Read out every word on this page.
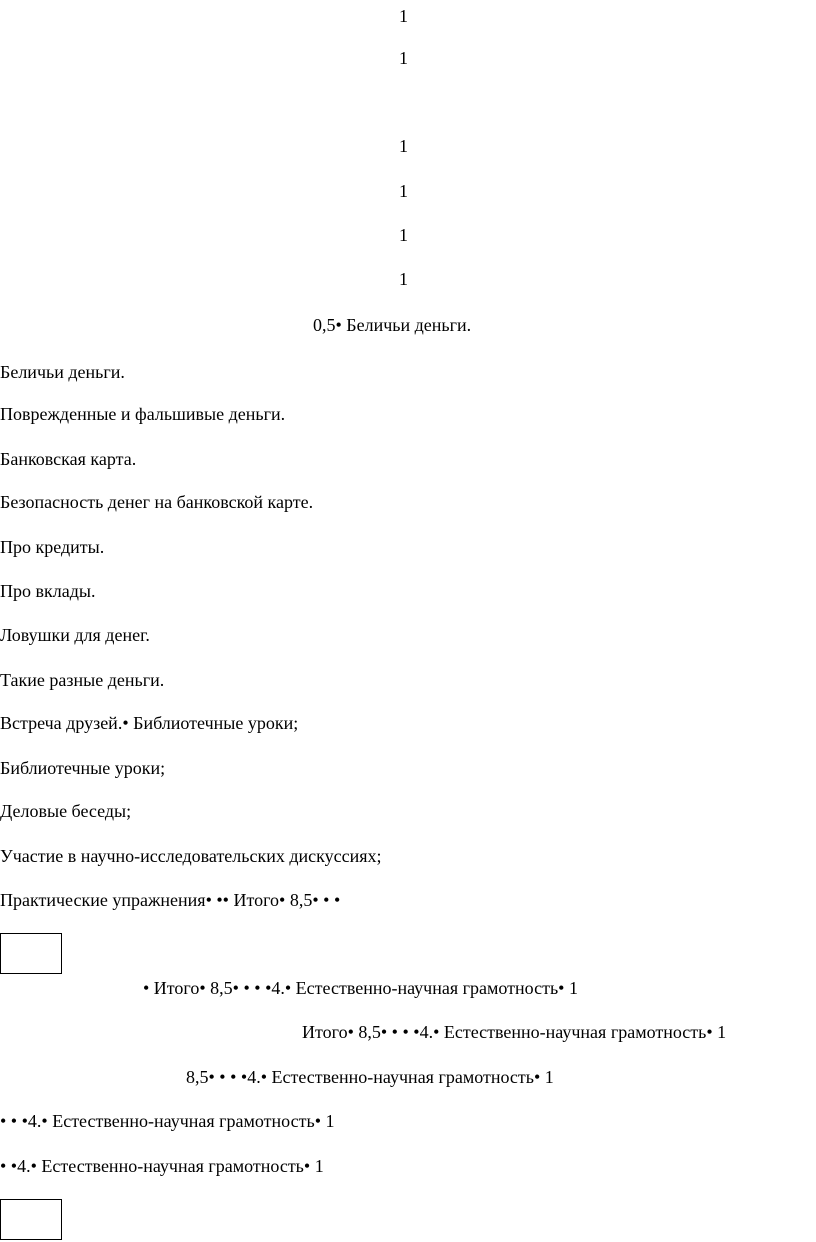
1
1
1
1
1
1
0,5• Беличьи деньги.
Беличьи деньги.
Поврежденные и фальшивые деньги.
Банковская карта.
Безопасность денег на банковской карте.
Про кредиты.
Про вклады.
Ловушки для денег.
Такие разные деньги.
Встреча друзей.• Библиотечные уроки;
Библиотечные уроки;
Деловые беседы;
Участие в научно-исследовательских дискуссиях;
Практические упражнения• •• Итого• 8,5• • •
• Итого• 8,5• • • •4.• Естественно-научная грамотность• 1
Итого• 8,5• • • •4.• Естественно-научная грамотность• 1
8,5• • • •4.• Естественно-научная грамотность• 1
• • •4.• Естественно-научная грамотность• 1
• •4.• Естественно-научная грамотность• 1
